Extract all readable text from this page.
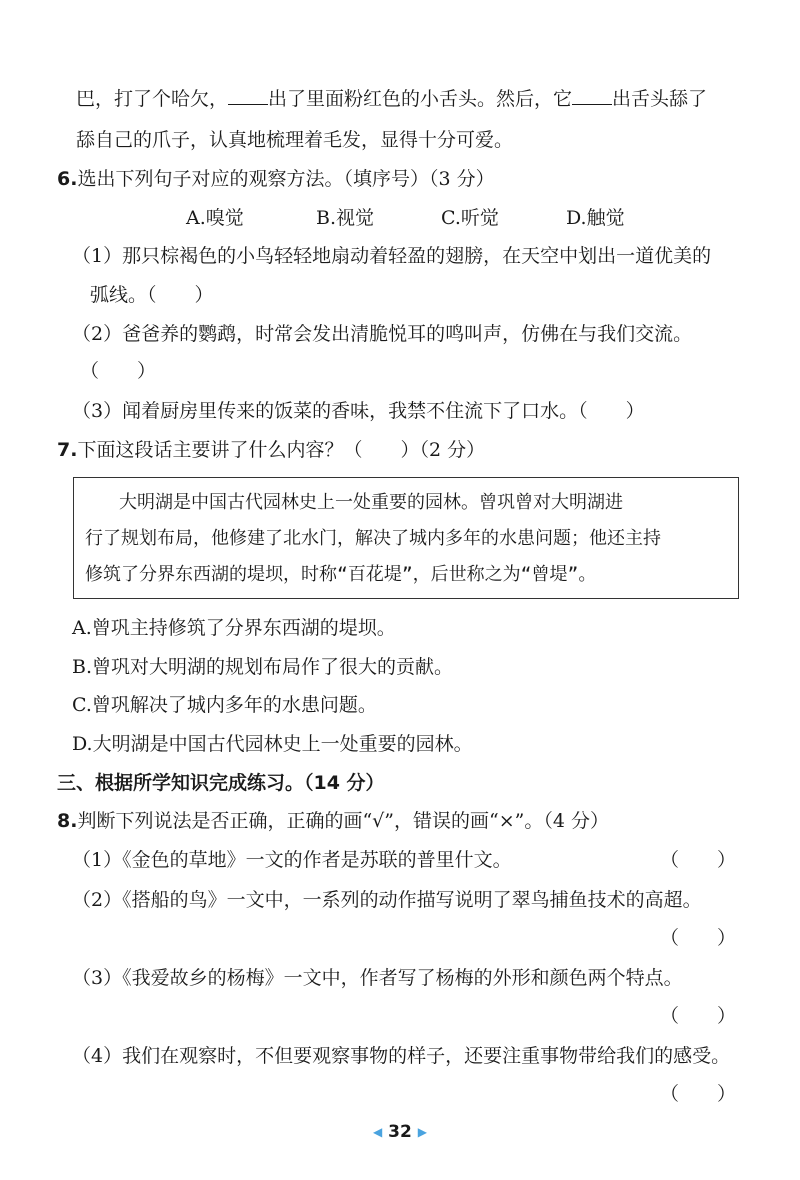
巴，打了个哈欠， 出了里面粉红色的小舌头。然后，它 出舌头舔了
舔自己的爪子，认真地梳理着毛发，显得十分可爱。
6.选出下列句子对应的观察方法。（填序号）（3 分）
A.嗅觉	B.视觉	C.听觉	D.触觉
（1）那只棕褐色的小鸟轻轻地扇动着轻盈的翅膀，在天空中划出一道优美的
弧线。（　　）
（2）爸爸养的鹦鹉，时常会发出清脆悦耳的鸣叫声，仿佛在与我们交流。
（　　）
（3）闻着厨房里传来的饭菜的香味，我禁不住流下了口水。（　　）
7.下面这段话主要讲了什么内容？（　　）（2 分）
大明湖是中国古代园林史上一处重要的园林。曾巩曾对大明湖进
行了规划布局，他修建了北水门，解决了城内多年的水患问题；他还主持
修筑了分界东西湖的堤坝，时称“百花堤”，后世称之为“曾堤”。
A.曾巩主持修筑了分界东西湖的堤坝。
B.曾巩对大明湖的规划布局作了很大的贡献。
C.曾巩解决了城内多年的水患问题。
D.大明湖是中国古代园林史上一处重要的园林。
三、根据所学知识完成练习。（14 分）
8.判断下列说法是否正确，正确的画“√”，错误的画“×”。（4 分）
（1）《金色的草地》一文的作者是苏联的普里什文。	（　　）
（2）《搭船的鸟》一文中，一系列的动作描写说明了翠鸟捕鱼技术的高超。
（　　）
（3）《我爱故乡的杨梅》一文中，作者写了杨梅的外形和颜色两个特点。
（　　）
（4）我们在观察时，不但要观察事物的样子，还要注重事物带给我们的感受。
（　　）
◀ 32 ▶
